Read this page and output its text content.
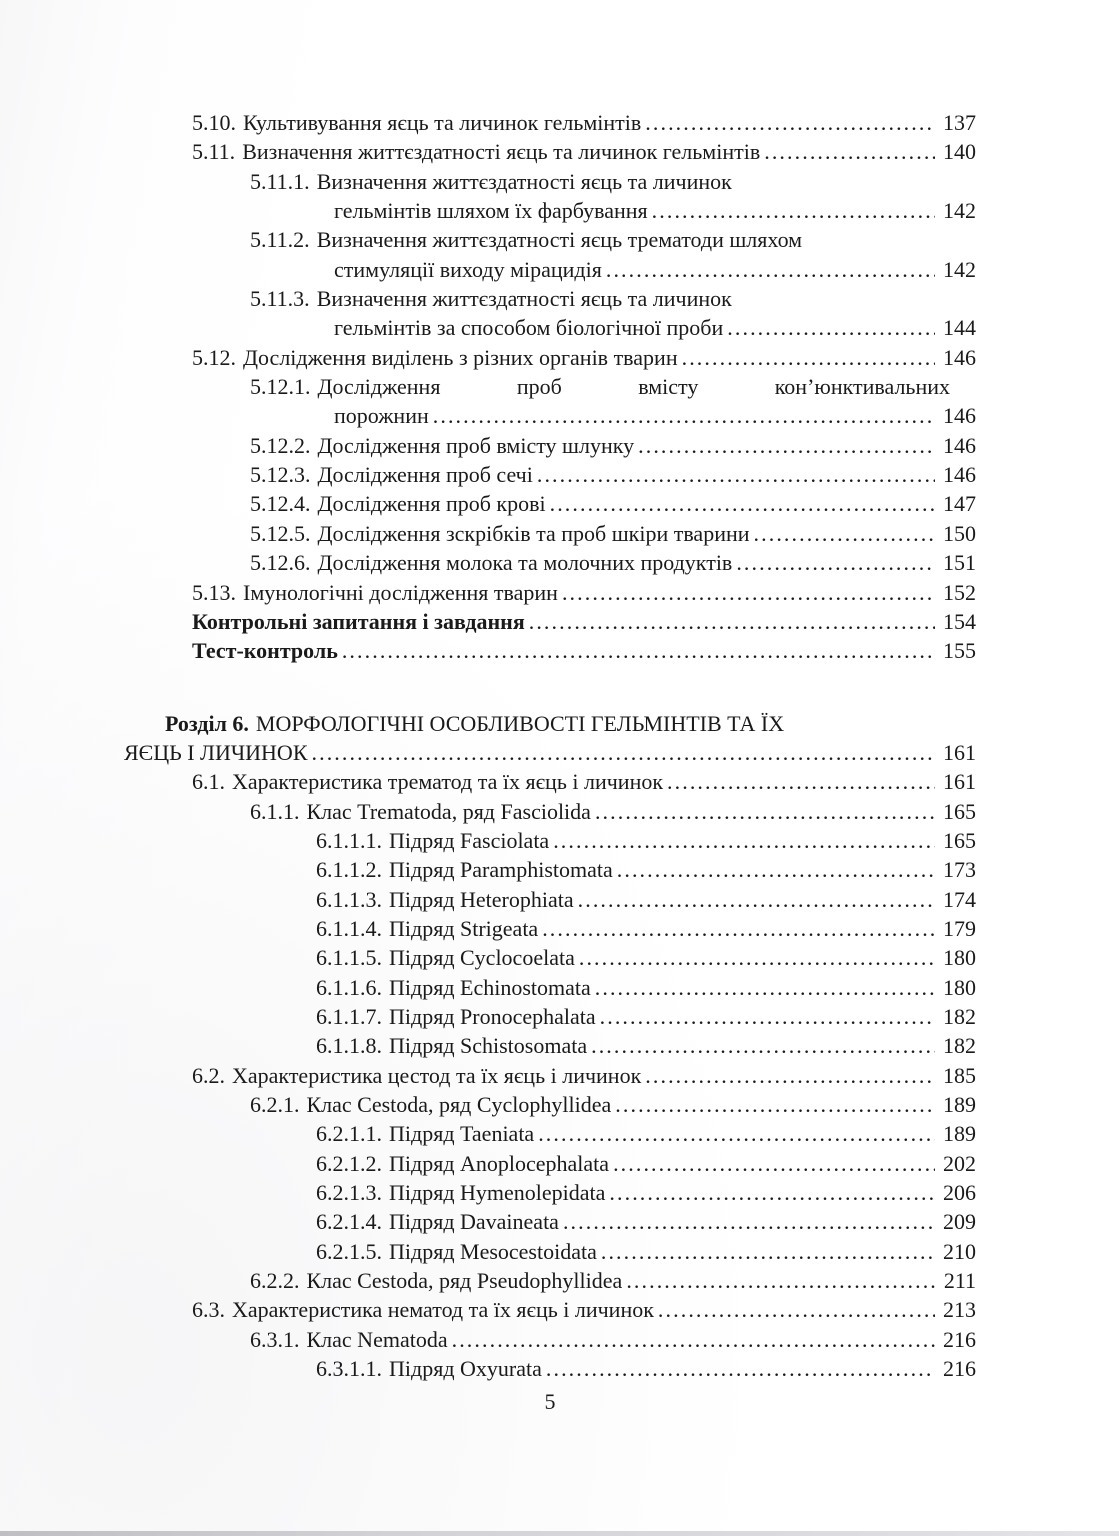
5.10. Культивування яєць та личинок гельмінтів .....	137
5.11. Визначення життєздатності яєць та личинок гельмінтів .....	140
5.11.1. Визначення життєздатності яєць та личинок
гельмінтів шляхом їх фарбування .....	142
5.11.2. Визначення життєздатності яєць трематоди шляхом
стимуляції виходу мірацидія .....	142
5.11.3. Визначення життєздатності яєць та личинок
гельмінтів за способом біологічної проби .....	144
5.12. Дослідження виділень з різних органів тварин .....	146
5.12.1. Дослідження проб вмісту кон’юнктивальних
порожнин .....	146
5.12.2. Дослідження проб вмісту шлунку .....	146
5.12.3. Дослідження проб сечі .....	146
5.12.4. Дослідження проб крові .....	147
5.12.5. Дослідження зскрібків та проб шкіри тварини .....	150
5.12.6. Дослідження молока та молочних продуктів .....	151
5.13. Імунологічні дослідження тварин .....	152
Контрольні запитання і завдання .....	154
Тест-контроль .....	155
Розділ 6. МОРФОЛОГІЧНІ ОСОБЛИВОСТІ ГЕЛЬМІНТІВ ТА ЇХ
ЯЄЦЬ І ЛИЧИНОК .....	161
6.1. Характеристика трематод та їх яєць і личинок .....	161
6.1.1. Клас Trematoda, ряд Fasciolida .....	165
6.1.1.1. Підряд Fasciolata .....	165
6.1.1.2. Підряд Paramphistomata .....	173
6.1.1.3. Підряд Heterophiata .....	174
6.1.1.4. Підряд Strigeata .....	179
6.1.1.5. Підряд Cyclocoelata .....	180
6.1.1.6. Підряд Echinostomata .....	180
6.1.1.7. Підряд Pronocephalata .....	182
6.1.1.8. Підряд Schistosomata .....	182
6.2. Характеристика цестод та їх яєць і личинок .....	185
6.2.1. Клас Cestoda, ряд Cyclophyllidea .....	189
6.2.1.1. Підряд Taeniata .....	189
6.2.1.2. Підряд Anoplocephalata .....	202
6.2.1.3. Підряд Hymenolepidata .....	206
6.2.1.4. Підряд Davaineata .....	209
6.2.1.5. Підряд Mesocestoidata .....	210
6.2.2. Клас Cestoda, ряд Pseudophyllidea .....	211
6.3. Характеристика нематод та їх яєць і личинок .....	213
6.3.1. Клас Nematoda .....	216
6.3.1.1. Підряд Oxyurata .....	216
5
